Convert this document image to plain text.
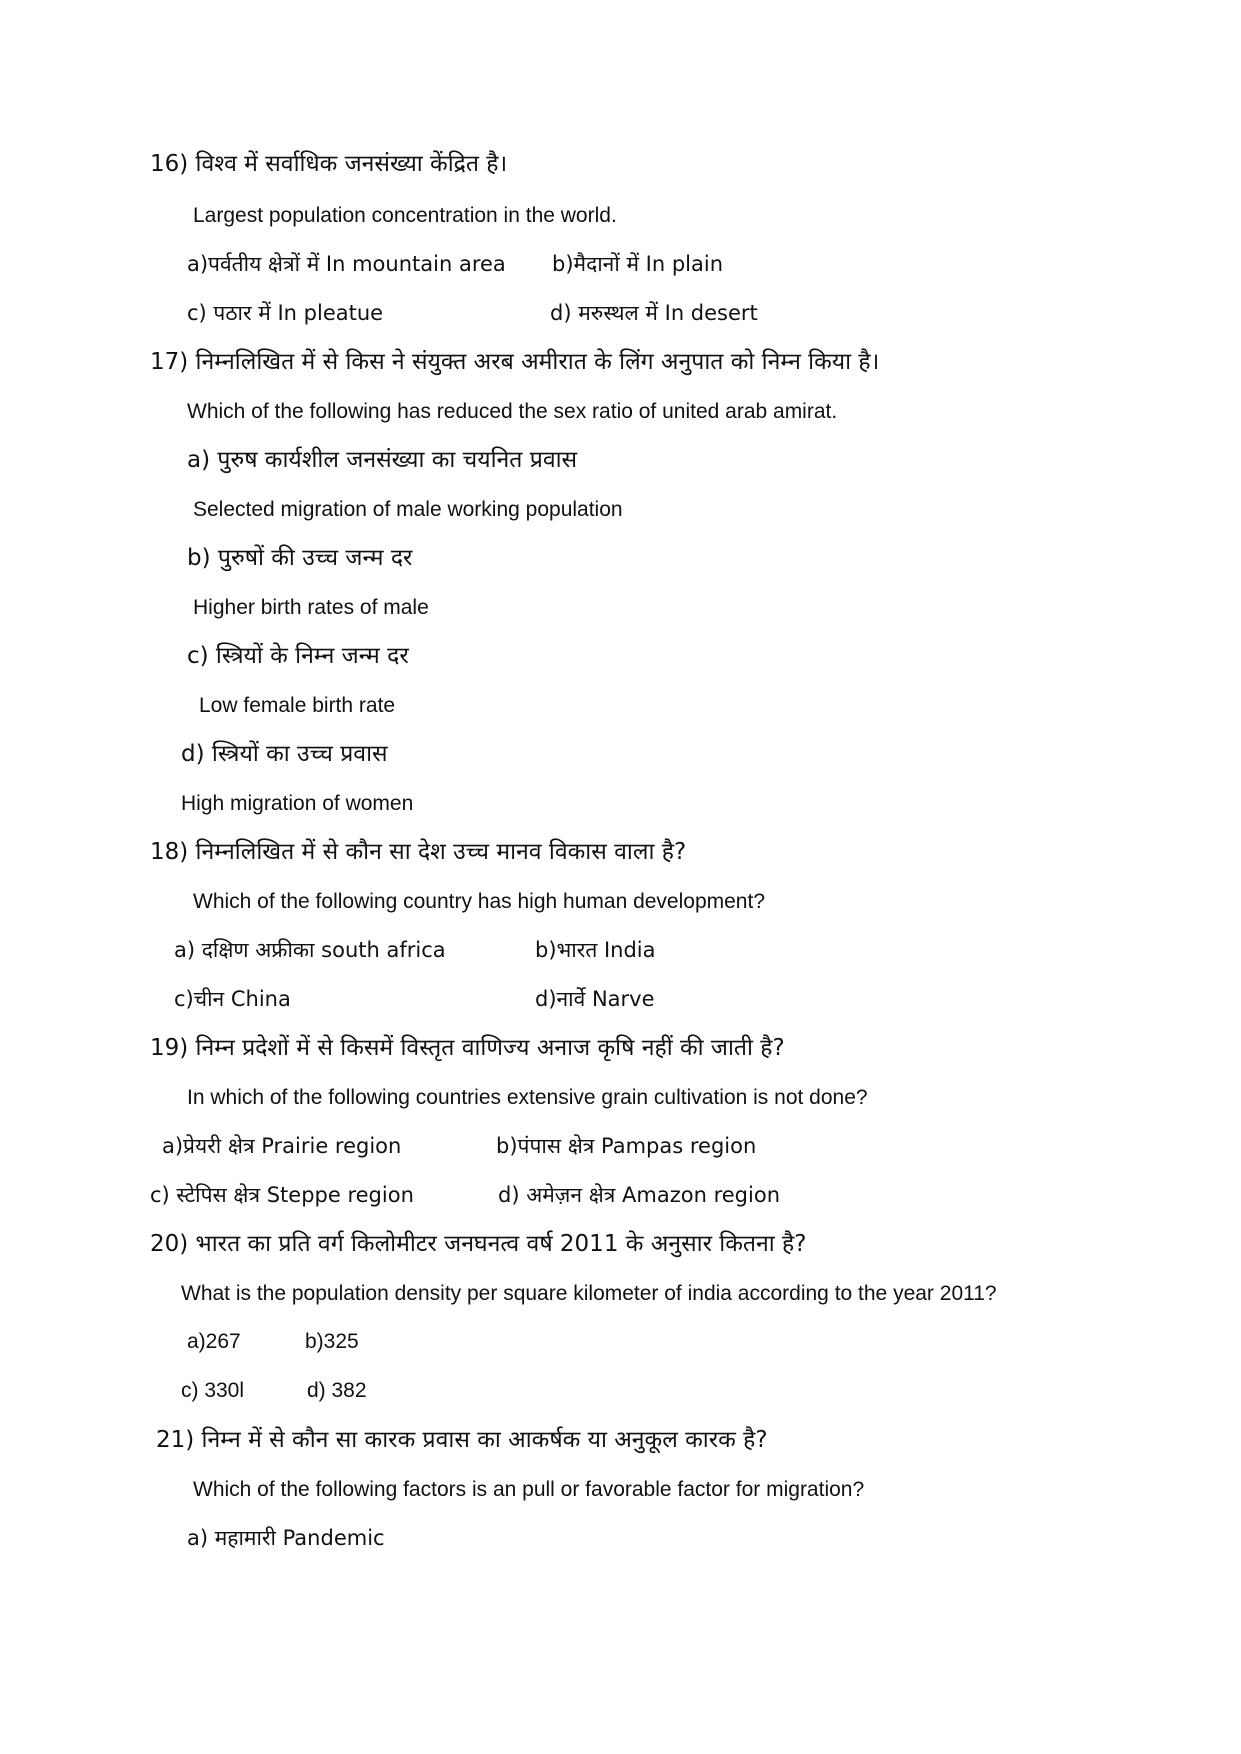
16) विश्व में सर्वाधिक जनसंख्या केंद्रित है।
Largest population concentration in the world.
a)पर्वतीय क्षेत्रों में In mountain area b)मैदानों में In plain
c) पठार में In pleatue	d) मरुस्थल में In desert
17) निम्नलिखित में से किस ने संयुक्त अरब अमीरात के लिंग अनुपात को निम्न किया है।
Which of the following has reduced the sex ratio of united arab amirat.
a) पुरुष कार्यशील जनसंख्या का चयनित प्रवास
Selected migration of male working population
b) पुरुषों की उच्च जन्म दर
Higher birth rates of male
c) स्त्रियों के निम्न जन्म दर
Low female birth rate
d) स्त्रियों का उच्च प्रवास
High migration of women
18) निम्नलिखित में से कौन सा देश उच्च मानव विकास वाला है?
Which of the following country has high human development?
a) दक्षिण अफ्रीका south africa	b)भारत India
c)चीन China	d)नार्वे Narve
19) निम्न प्रदेशों में से किसमें विस्तृत वाणिज्य अनाज कृषि नहीं की जाती है?
In which of the following countries extensive grain cultivation is not done?
a)प्रेयरी क्षेत्र Prairie region	b)पंपास क्षेत्र Pampas region
c) स्टेपिस क्षेत्र Steppe region	d) अमेज़न क्षेत्र Amazon region
20) भारत का प्रति वर्ग किलोमीटर जनघनत्व वर्ष 2011 के अनुसार कितना है?
What is the population density per square kilometer of india according to the year 2011?
a)267	b)325
c) 330l	d) 382
21) निम्न में से कौन सा कारक प्रवास का आकर्षक या अनुकूल कारक है?
Which of the following factors is an pull or favorable factor for migration?
a) महामारी Pandemic
